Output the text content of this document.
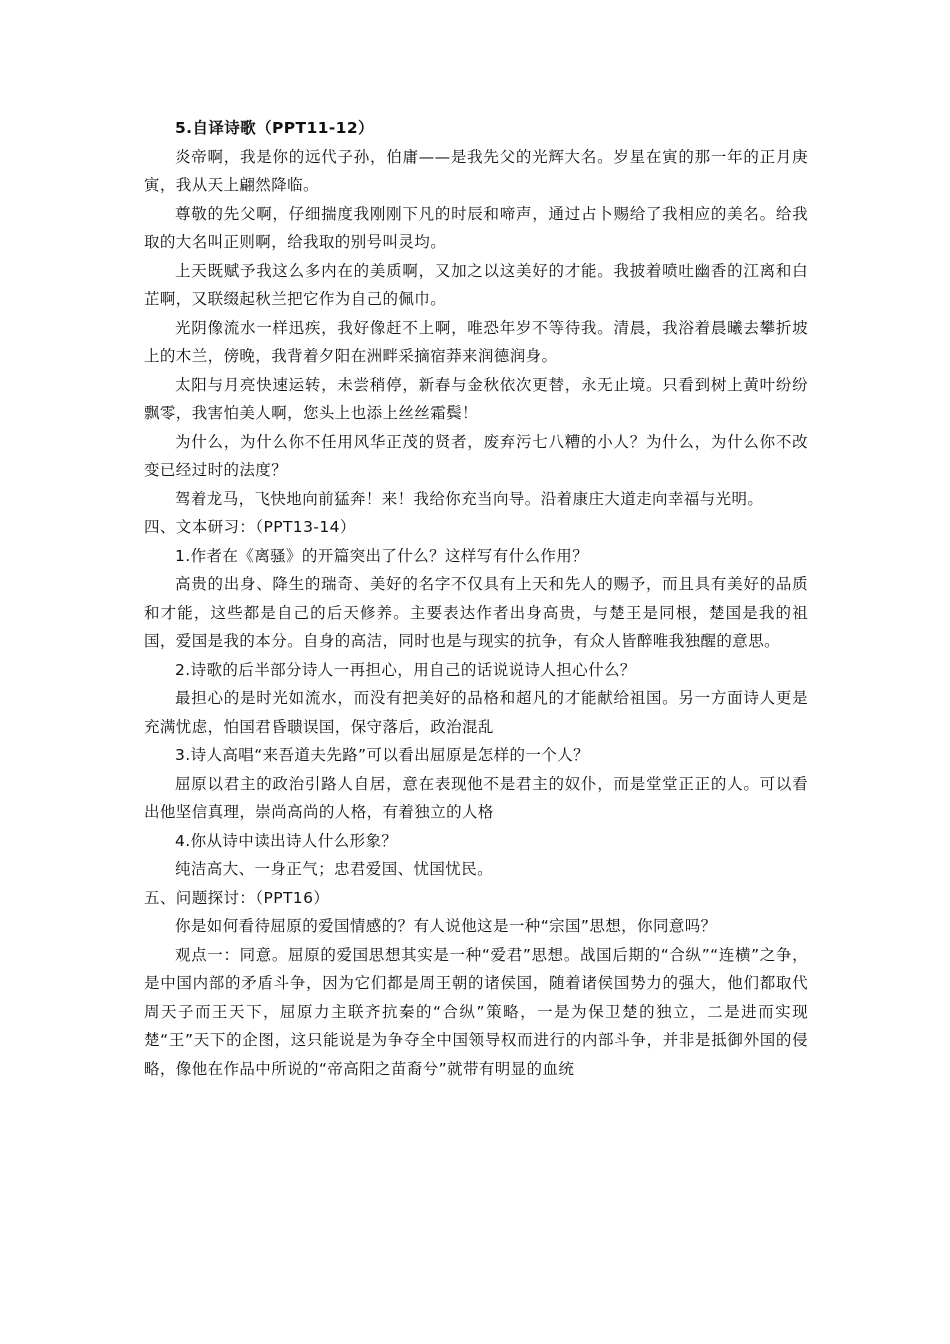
5.自译诗歌（PPT11-12）

炎帝啊，我是你的远代子孙，伯庸——是我先父的光辉大名。岁星在寅的那一年的正月庚寅，我从天上翩然降临。

尊敬的先父啊，仔细揣度我刚刚下凡的时辰和啼声，通过占卜赐给了我相应的美名。给我取的大名叫正则啊，给我取的别号叫灵均。

上天既赋予我这么多内在的美质啊，又加之以这美好的才能。我披着喷吐幽香的江离和白芷啊，又联缀起秋兰把它作为自己的佩巾。

光阴像流水一样迅疾，我好像赶不上啊，唯恐年岁不等待我。清晨，我浴着晨曦去攀折坡上的木兰，傍晚，我背着夕阳在洲畔采摘宿莽来润德润身。

太阳与月亮快速运转，未尝稍停，新春与金秋依次更替，永无止境。只看到树上黄叶纷纷飘零，我害怕美人啊，您头上也添上丝丝霜鬓！

为什么，为什么你不任用风华正茂的贤者，废弃污七八糟的小人？为什么，为什么你不改变已经过时的法度？

驾着龙马，飞快地向前猛奔！来！我给你充当向导。沿着康庄大道走向幸福与光明。

四、文本研习：（PPT13-14）

1.作者在《离骚》的开篇突出了什么？这样写有什么作用？

高贵的出身、降生的瑞奇、美好的名字不仅具有上天和先人的赐予，而且具有美好的品质和才能，这些都是自己的后天修养。主要表达作者出身高贵，与楚王是同根，楚国是我的祖国，爱国是我的本分。自身的高洁，同时也是与现实的抗争，有众人皆醉唯我独醒的意思。

2.诗歌的后半部分诗人一再担心，用自己的话说说诗人担心什么？

最担心的是时光如流水，而没有把美好的品格和超凡的才能献给祖国。另一方面诗人更是充满忧虑，怕国君昏聩误国，保守落后，政治混乱

3.诗人高唱“来吾道夫先路”可以看出屈原是怎样的一个人？

屈原以君主的政治引路人自居，意在表现他不是君主的奴仆，而是堂堂正正的人。可以看出他坚信真理，崇尚高尚的人格，有着独立的人格

4.你从诗中读出诗人什么形象？

纯洁高大、一身正气；忠君爱国、忧国忧民。

五、问题探讨：（PPT16）

你是如何看待屈原的爱国情感的？有人说他这是一种“宗国”思想，你同意吗？

观点一：同意。屈原的爱国思想其实是一种“爱君”思想。战国后期的“合纵”“连横”之争，是中国内部的矛盾斗争，因为它们都是周王朝的诸侯国，随着诸侯国势力的强大，他们都取代周天子而王天下，屈原力主联齐抗秦的“合纵”策略，一是为保卫楚的独立，二是进而实现楚“王”天下的企图，这只能说是为争夺全中国领导权而进行的内部斗争，并非是抵御外国的侵略，像他在作品中所说的“帝高阳之苗裔兮”就带有明显的血统
